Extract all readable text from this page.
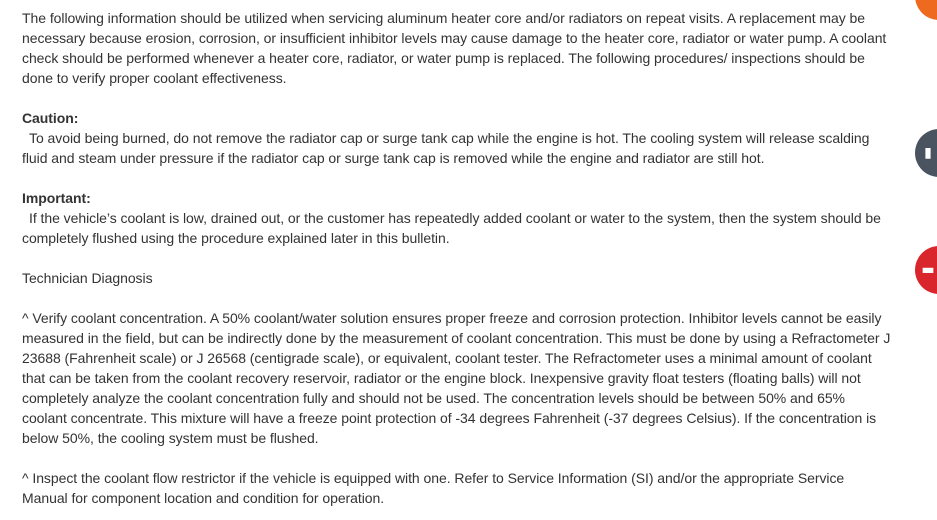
The following information should be utilized when servicing aluminum heater core and/or radiators on repeat visits. A replacement may be necessary because erosion, corrosion, or insufficient inhibitor levels may cause damage to the heater core, radiator or water pump. A coolant check should be performed whenever a heater core, radiator, or water pump is replaced. The following procedures/ inspections should be done to verify proper coolant effectiveness.

Caution:
To avoid being burned, do not remove the radiator cap or surge tank cap while the engine is hot. The cooling system will release scalding fluid and steam under pressure if the radiator cap or surge tank cap is removed while the engine and radiator are still hot.

Important:
If the vehicle’s coolant is low, drained out, or the customer has repeatedly added coolant or water to the system, then the system should be completely flushed using the procedure explained later in this bulletin.

Technician Diagnosis

^ Verify coolant concentration. A 50% coolant/water solution ensures proper freeze and corrosion protection. Inhibitor levels cannot be easily measured in the field, but can be indirectly done by the measurement of coolant concentration. This must be done by using a Refractometer J 23688 (Fahrenheit scale) or J 26568 (centigrade scale), or equivalent, coolant tester. The Refractometer uses a minimal amount of coolant that can be taken from the coolant recovery reservoir, radiator or the engine block. Inexpensive gravity float testers (floating balls) will not completely analyze the coolant concentration fully and should not be used. The concentration levels should be between 50% and 65% coolant concentrate. This mixture will have a freeze point protection of -34 degrees Fahrenheit (-37 degrees Celsius). If the concentration is below 50%, the cooling system must be flushed.

^ Inspect the coolant flow restrictor if the vehicle is equipped with one. Refer to Service Information (SI) and/or the appropriate Service Manual for component location and condition for operation.

▮
▬
